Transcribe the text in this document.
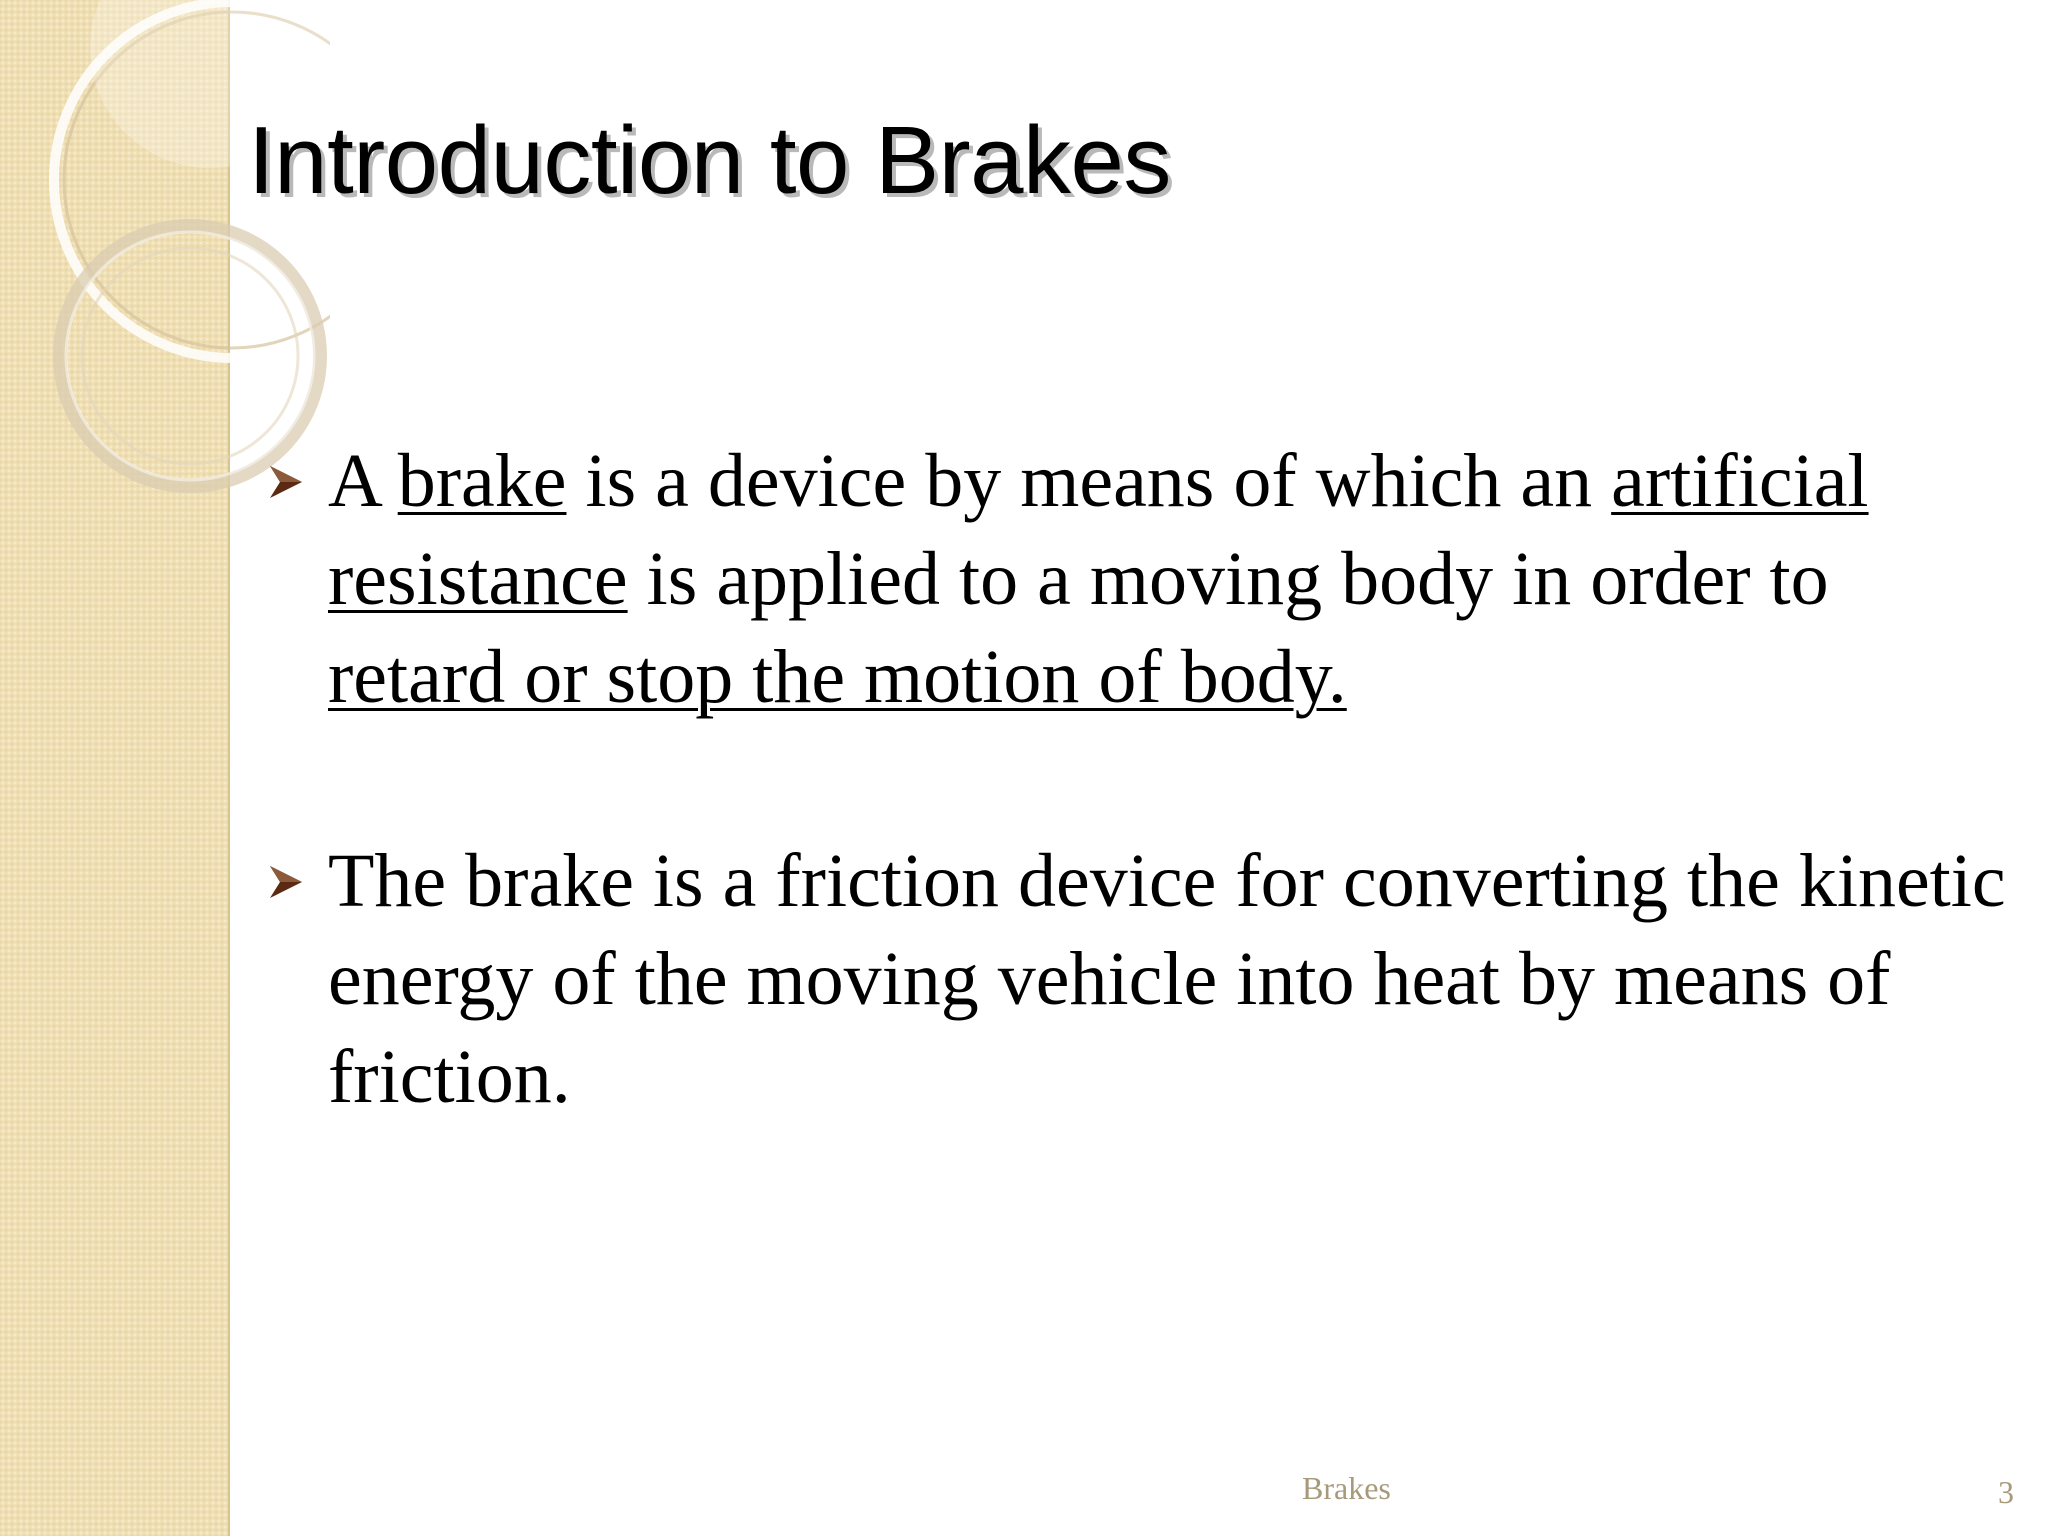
Introduction to Brakes
A brake is a device by means of which an artificial resistance is applied to a moving body in order to retard or stop the motion of body.
The brake is a friction device for converting the kinetic energy of the moving vehicle into heat by means of friction.
Brakes	3
